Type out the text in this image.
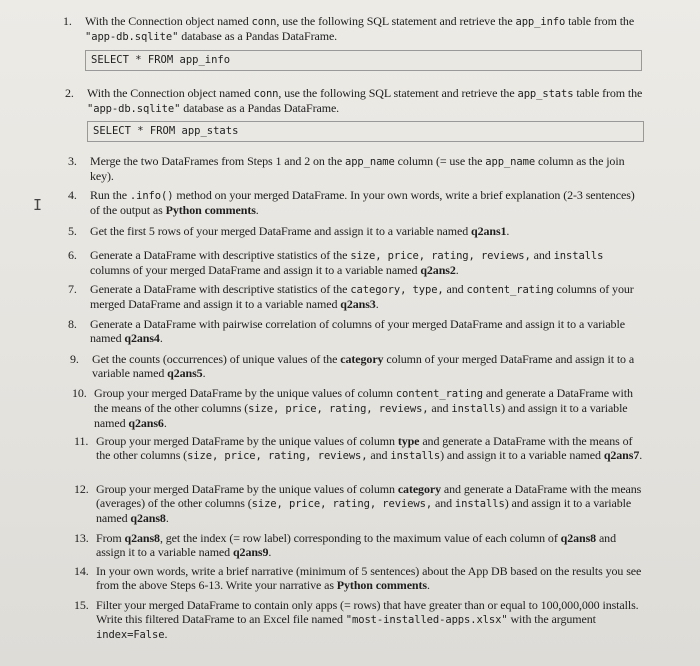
I
1. With the Connection object named conn, use the following SQL statement and retrieve the app_info table from the "app-db.sqlite" database as a Pandas DataFrame.
SELECT * FROM app_info
2. With the Connection object named conn, use the following SQL statement and retrieve the app_stats table from the "app-db.sqlite" database as a Pandas DataFrame.
SELECT * FROM app_stats
3. Merge the two DataFrames from Steps 1 and 2 on the app_name column (= use the app_name column as the join key).
4. Run the .info() method on your merged DataFrame. In your own words, write a brief explanation (2-3 sentences) of the output as Python comments.
5. Get the first 5 rows of your merged DataFrame and assign it to a variable named q2ans1.
6. Generate a DataFrame with descriptive statistics of the size, price, rating, reviews, and installs columns of your merged DataFrame and assign it to a variable named q2ans2.
7. Generate a DataFrame with descriptive statistics of the category, type, and content_rating columns of your merged DataFrame and assign it to a variable named q2ans3.
8. Generate a DataFrame with pairwise correlation of columns of your merged DataFrame and assign it to a variable named q2ans4.
9. Get the counts (occurrences) of unique values of the category column of your merged DataFrame and assign it to a variable named q2ans5.
10. Group your merged DataFrame by the unique values of column content_rating and generate a DataFrame with the means of the other columns (size, price, rating, reviews, and installs) and assign it to a variable named q2ans6.
11. Group your merged DataFrame by the unique values of column type and generate a DataFrame with the means of the other columns (size, price, rating, reviews, and installs) and assign it to a variable named q2ans7.
12. Group your merged DataFrame by the unique values of column category and generate a DataFrame with the means (averages) of the other columns (size, price, rating, reviews, and installs) and assign it to a variable named q2ans8.
13. From q2ans8, get the index (= row label) corresponding to the maximum value of each column of q2ans8 and assign it to a variable named q2ans9.
14. In your own words, write a brief narrative (minimum of 5 sentences) about the App DB based on the results you see from the above Steps 6-13. Write your narrative as Python comments.
15. Filter your merged DataFrame to contain only apps (= rows) that have greater than or equal to 100,000,000 installs. Write this filtered DataFrame to an Excel file named "most-installed-apps.xlsx" with the argument index=False.
